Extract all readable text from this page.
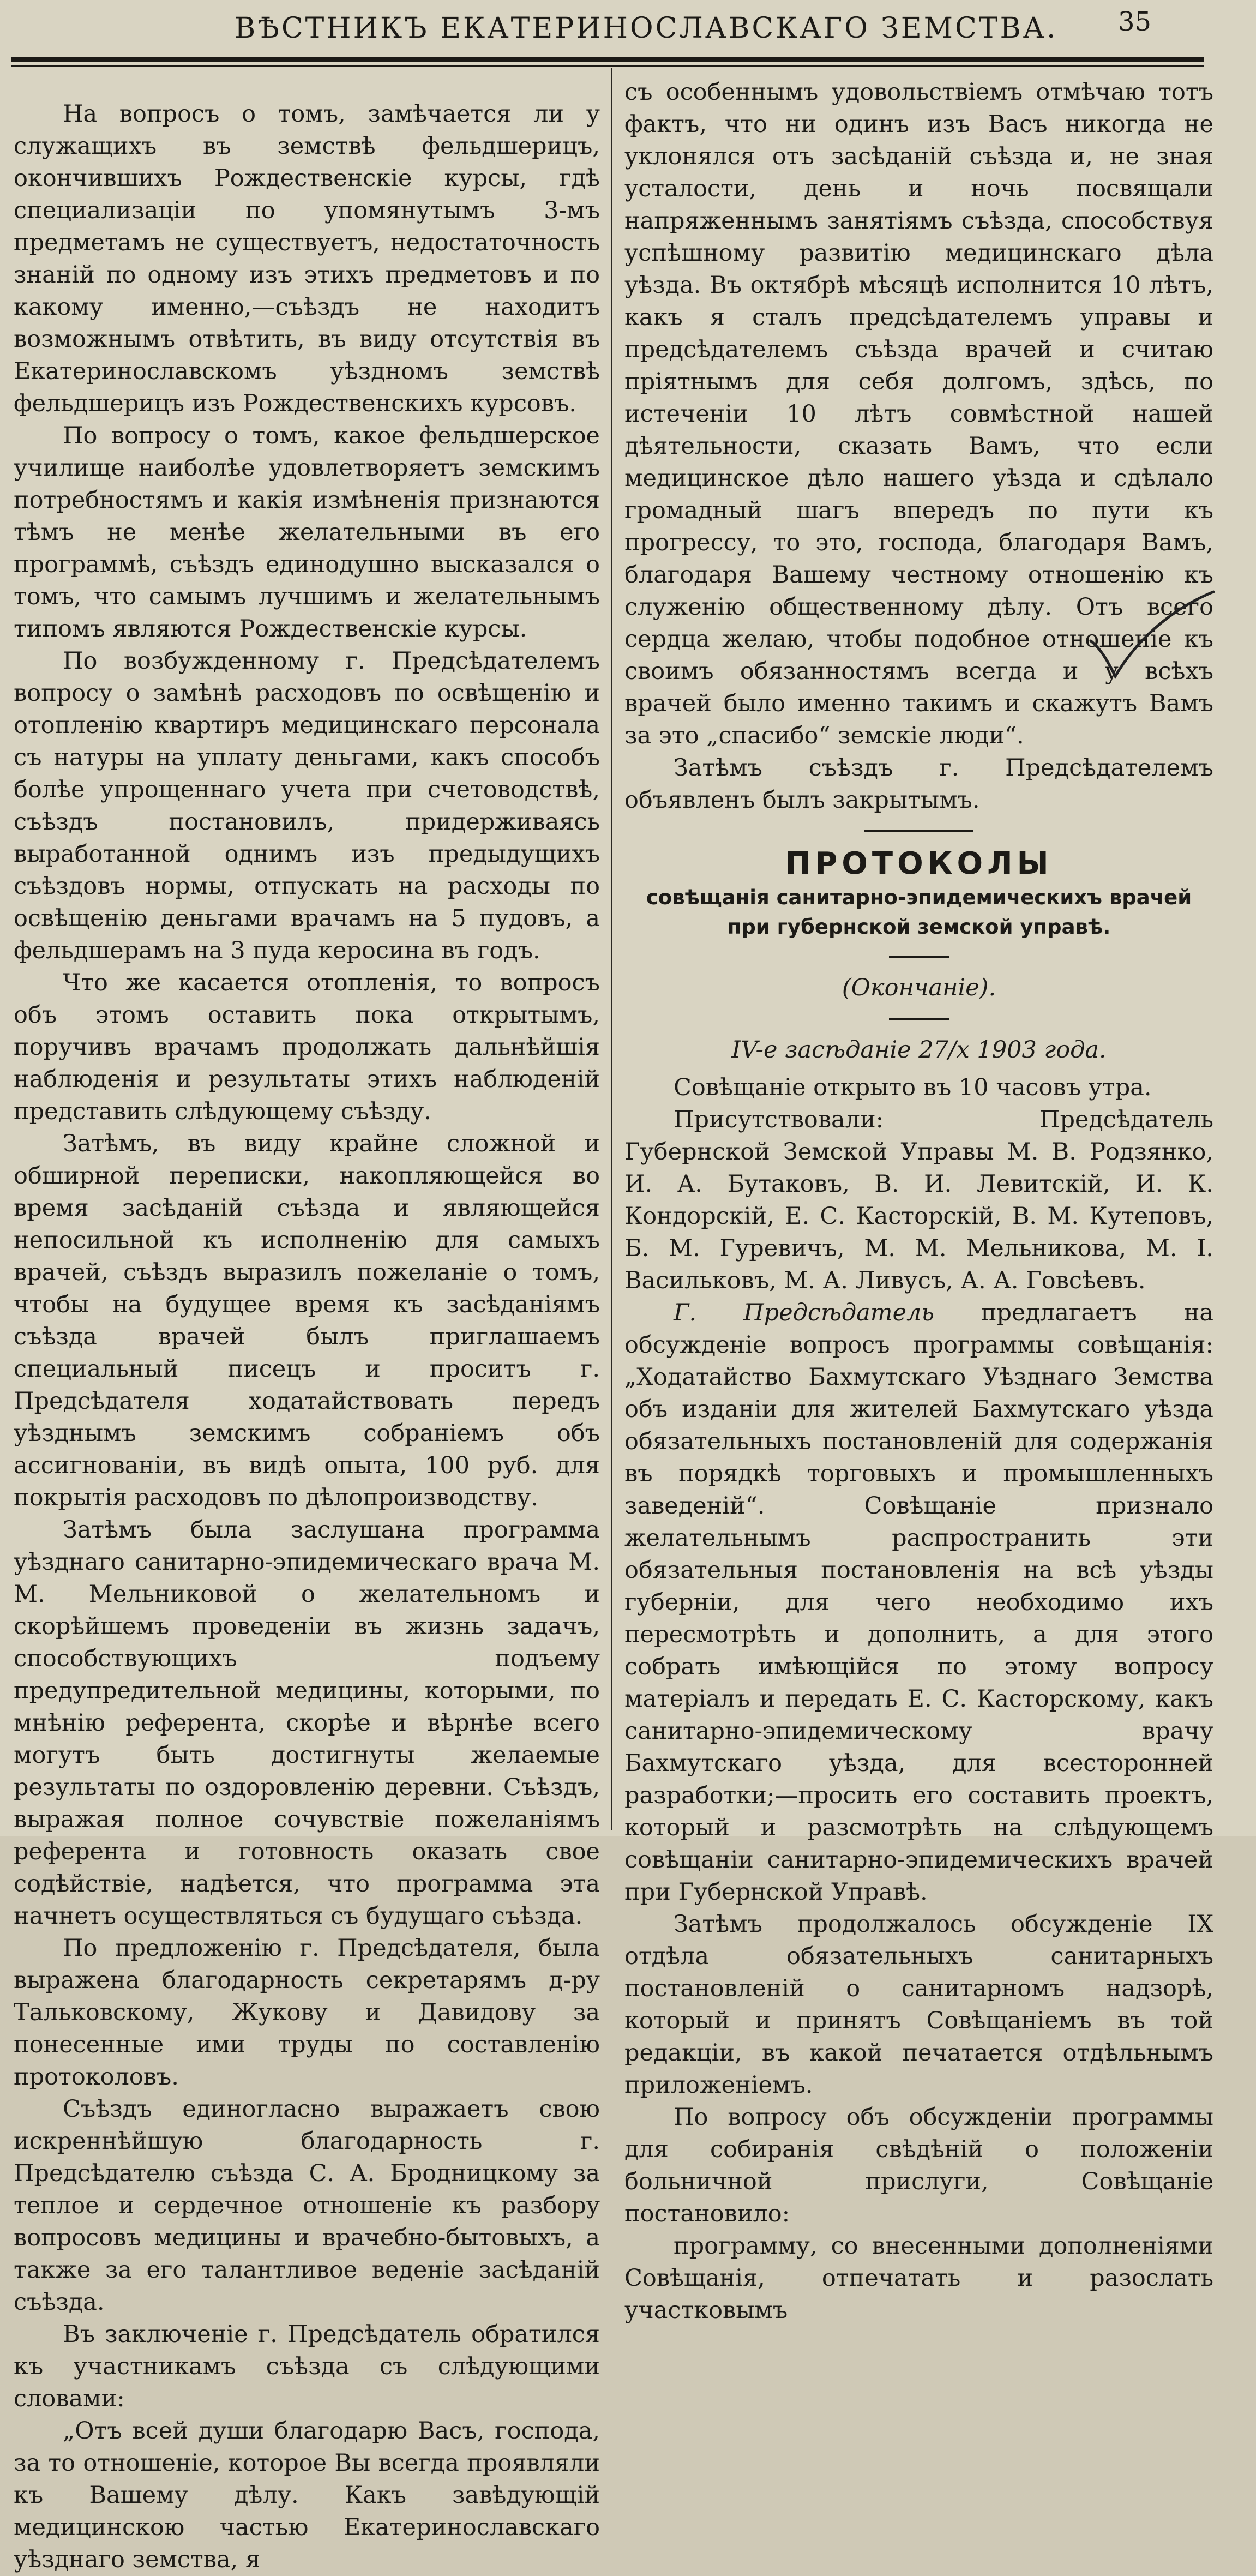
ВѢСТНИКЪ ЕКАТЕРИНОСЛАВСКАГО ЗЕМСТВА. 35

На вопросъ о томъ, замѣчается ли у служащихъ въ земствѣ фельдшерицъ, окончившихъ Рождественскіе курсы, гдѣ специализаціи по упомянутымъ 3-мъ предметамъ не существуетъ, недостаточность знаній по одному изъ этихъ предметовъ и по какому именно,—съѣздъ не находитъ возможнымъ отвѣтить, въ виду отсутствія въ Екатеринославскомъ уѣздномъ земствѣ фельдшерицъ изъ Рождественскихъ курсовъ.

По вопросу о томъ, какое фельдшерское училище наиболѣе удовлетворяетъ земскимъ потребностямъ и какія измѣненія признаются тѣмъ не менѣе желательными въ его программѣ, съѣздъ единодушно высказался о томъ, что самымъ лучшимъ и желательнымъ типомъ являются Рождественскіе курсы.

По возбужденному г. Предсѣдателемъ вопросу о замѣнѣ расходовъ по освѣщенію и отопленію квартиръ медицинскаго персонала съ натуры на уплату деньгами, какъ способъ болѣе упрощеннаго учета при счетоводствѣ, съѣздъ постановилъ, придерживаясь выработанной однимъ изъ предыдущихъ съѣздовъ нормы, отпускать на расходы по освѣщенію деньгами врачамъ на 5 пудовъ, а фельдшерамъ на 3 пуда керосина въ годъ.

Что же касается отопленія, то вопросъ объ этомъ оставить пока открытымъ, поручивъ врачамъ продолжать дальнѣйшія наблюденія и результаты этихъ наблюденій представить слѣдующему съѣзду.

Затѣмъ, въ виду крайне сложной и обширной переписки, накопляющейся во время засѣданій съѣзда и являющейся непосильной къ исполненію для самыхъ врачей, съѣздъ выразилъ пожеланіе о томъ, чтобы на будущее время къ засѣданіямъ съѣзда врачей былъ приглашаемъ специальный писецъ и проситъ г. Предсѣдателя ходатайствовать передъ уѣзднымъ земскимъ собраніемъ объ ассигнованіи, въ видѣ опыта, 100 руб. для покрытія расходовъ по дѣлопроизводству.

Затѣмъ была заслушана программа уѣзднаго санитарно-эпидемическаго врача М. М. Мельниковой о желательномъ и скорѣйшемъ проведеніи въ жизнь задачъ, способствующихъ подъему предупредительной медицины, которыми, по мнѣнію референта, скорѣе и вѣрнѣе всего могутъ быть достигнуты желаемые результаты по оздоровленію деревни. Съѣздъ, выражая полное сочувствіе пожеланіямъ референта и готовность оказать свое содѣйствіе, надѣется, что программа эта начнетъ осуществляться съ будущаго съѣзда.

По предложенію г. Предсѣдателя, была выражена благодарность секретарямъ д-ру Тальковскому, Жукову и Давидову за понесенные ими труды по составленію протоколовъ.

Съѣздъ единогласно выражаетъ свою искреннѣйшую благодарность г. Предсѣдателю съѣзда С. А. Бродницкому за теплое и сердечное отношеніе къ разбору вопросовъ медицины и врачебно-бытовыхъ, а также за его талантливое веденіе засѣданій съѣзда.

Въ заключеніе г. Предсѣдатель обратился къ участникамъ съѣзда съ слѣдующими словами:

„Отъ всей души благодарю Васъ, господа, за то отношеніе, которое Вы всегда проявляли къ Вашему дѣлу. Какъ завѣдующій медицинскою частью Екатеринославскаго уѣзднаго земства, я

съ особеннымъ удовольствіемъ отмѣчаю тотъ фактъ, что ни одинъ изъ Васъ никогда не уклонялся отъ засѣданій съѣзда и, не зная усталости, день и ночь посвящали напряженнымъ занятіямъ съѣзда, способствуя успѣшному развитію медицинскаго дѣла уѣзда. Въ октябрѣ мѣсяцѣ исполнится 10 лѣтъ, какъ я сталъ предсѣдателемъ управы и предсѣдателемъ съѣзда врачей и считаю пріятнымъ для себя долгомъ, здѣсь, по истеченіи 10 лѣтъ совмѣстной нашей дѣятельности, сказать Вамъ, что если медицинское дѣло нашего уѣзда и сдѣлало громадный шагъ впередъ по пути къ прогрессу, то это, господа, благодаря Вамъ, благодаря Вашему честному отношенію къ служенію общественному дѣлу. Отъ всего сердца желаю, чтобы подобное отношеніе къ своимъ обязанностямъ всегда и у всѣхъ врачей было именно такимъ и скажутъ Вамъ за это „спасибо“ земскіе люди“.

Затѣмъ съѣздъ г. Предсѣдателемъ объявленъ былъ закрытымъ.

ПРОТОКОЛЫ
совѣщанія санитарно-эпидемическихъ врачей при губернской земской управѣ.
(Окончаніе).
IV-е засѣданіе 27/х 1903 года.

Совѣщаніе открыто въ 10 часовъ утра.

Присутствовали: Предсѣдатель Губернской Земской Управы М. В. Родзянко, И. А. Бутаковъ, В. И. Левитскій, И. К. Кондорскій, Е. С. Касторскій, В. М. Кутеповъ, Б. М. Гуревичъ, М. М. Мельникова, М. І. Васильковъ, М. А. Ливусъ, А. А. Говсѣевъ.

Г. Предсѣдатель предлагаетъ на обсужденіе вопросъ программы совѣщанія: „Ходатайство Бахмутскаго Уѣзднаго Земства объ изданіи для жителей Бахмутскаго уѣзда обязательныхъ постановленій для содержанія въ порядкѣ торговыхъ и промышленныхъ заведеній“. Совѣщаніе признало желательнымъ распространить эти обязательныя постановленія на всѣ уѣзды губерніи, для чего необходимо ихъ пересмотрѣть и дополнить, а для этого собрать имѣющійся по этому вопросу матеріалъ и передать Е. С. Касторскому, какъ санитарно-эпидемическому врачу Бахмутскаго уѣзда, для всесторонней разработки;—просить его составить проектъ, который и разсмотрѣть на слѣдующемъ совѣщаніи санитарно-эпидемическихъ врачей при Губернской Управѣ.

Затѣмъ продолжалось обсужденіе IX отдѣла обязательныхъ санитарныхъ постановленій о санитарномъ надзорѣ, который и принятъ Совѣщаніемъ въ той редакціи, въ какой печатается отдѣльнымъ приложеніемъ.

По вопросу объ обсужденіи программы для собиранія свѣдѣній о положеніи больничной прислуги, Совѣщаніе постановило:

программу, со внесенными дополненіями Совѣщанія, отпечатать и разослать участковымъ
